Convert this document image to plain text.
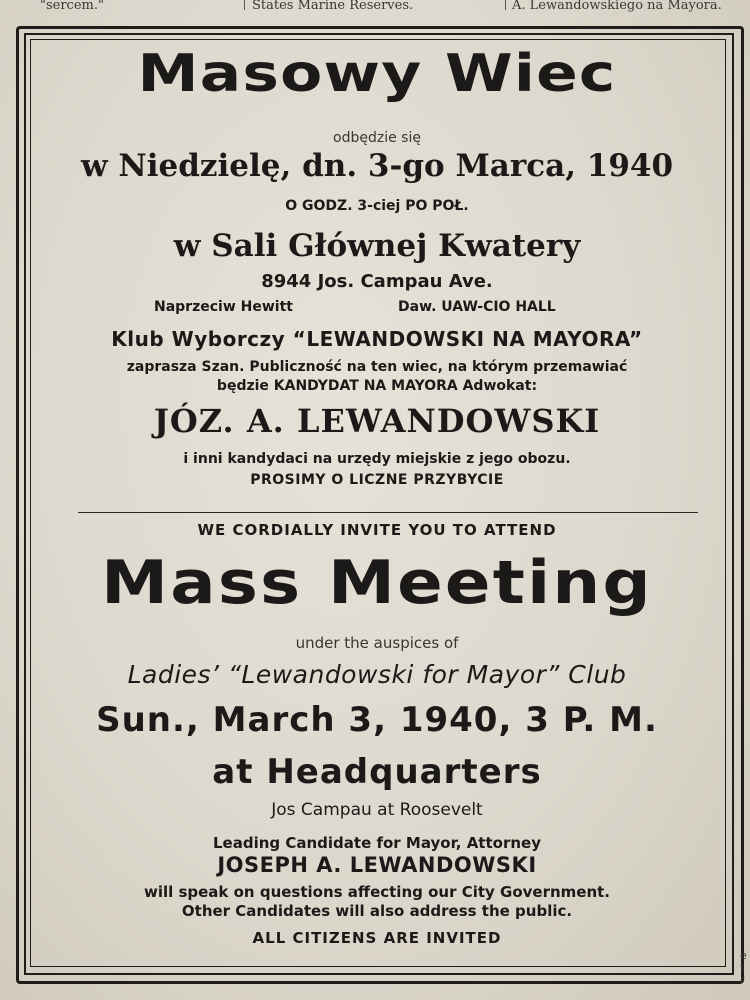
"sercem."	States Marine Reserves.	A. Lewandowskiego na Mayora.
Masowy Wiec
odbędzie się
w Niedzielę, dn. 3-go Marca, 1940
O GODZ. 3-ciej PO POŁ.
w Sali Głównej Kwatery
8944 Jos. Campau Ave.
Naprzeciw Hewitt	Daw. UAW-CIO HALL
Klub Wyborczy “LEWANDOWSKI NA MAYORA”
zaprasza Szan. Publiczność na ten wiec, na którym przemawiać
będzie KANDYDAT NA MAYORA Adwokat:
JÓZ. A. LEWANDOWSKI
i inni kandydaci na urzędy miejskie z jego obozu.
PROSIMY O LICZNE PRZYBYCIE
WE CORDIALLY INVITE YOU TO ATTEND
Mass Meeting
under the auspices of
Ladies’ “Lewandowski for Mayor” Club
Sun., March 3, 1940, 3 P. M.
at Headquarters
Jos Campau at Roosevelt
Leading Candidate for Mayor, Attorney
JOSEPH A. LEWANDOWSKI
will speak on questions affecting our City Government.
Other Candidates will also address the public.
ALL CITIZENS ARE INVITED
e
t
r
